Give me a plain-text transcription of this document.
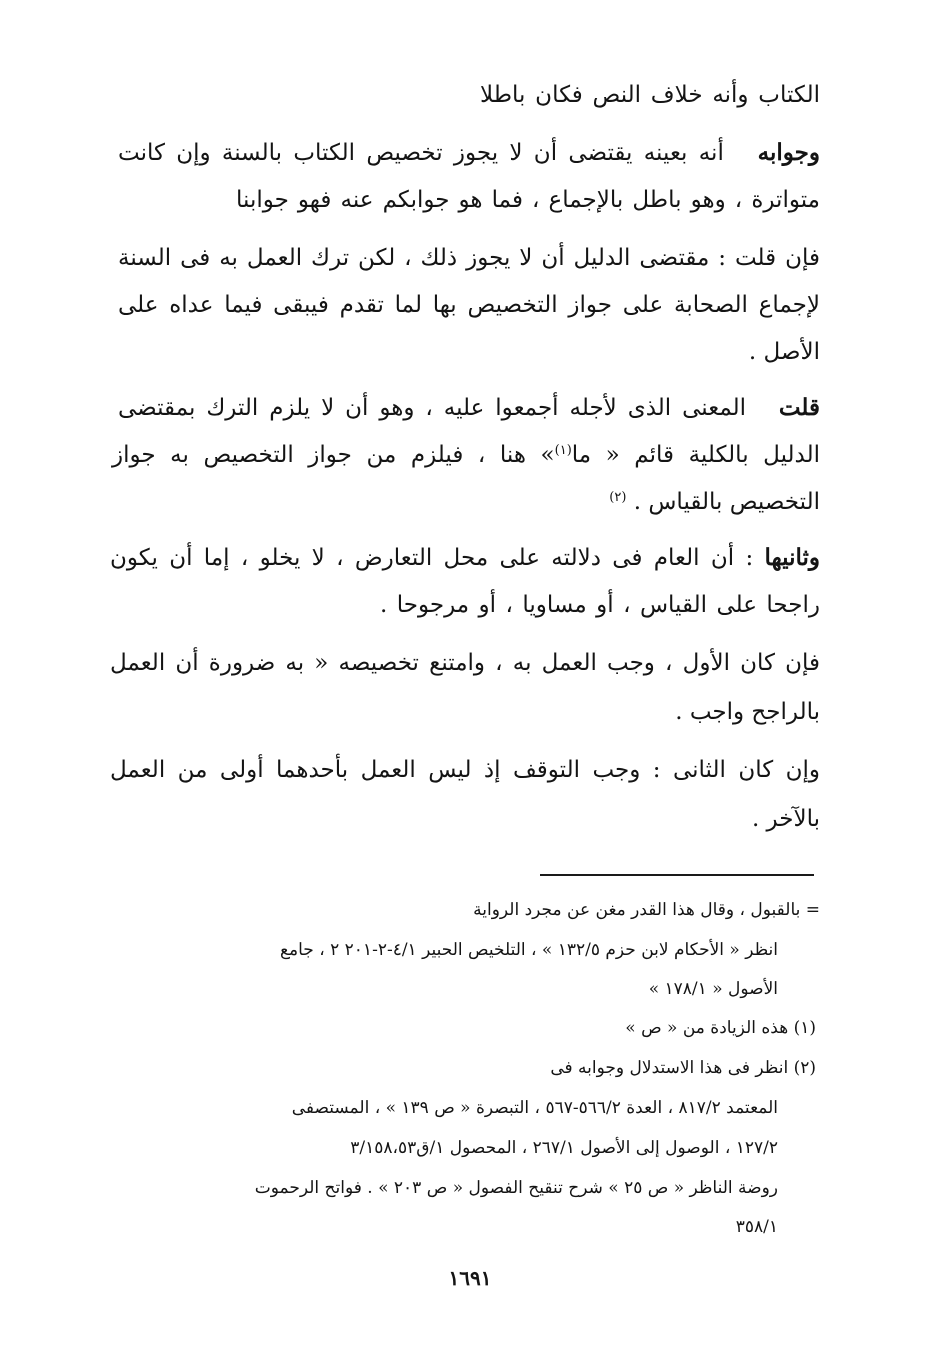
الكتاب وأنه خلاف النص فكان باطلا
وجوابه   أنه بعينه يقتضى أن لا يجوز تخصيص الكتاب بالسنة وإن كانت
متواترة ، وهو باطل بالإجماع ، فما هو جوابكم عنه فهو جوابنا
فإن قلت : مقتضى الدليل أن لا يجوز ذلك ، لكن ترك العمل به فى السنة
لإجماع الصحابة على جواز التخصيص بها لما تقدم فيبقى فيما عداه على
الأصل .
قلت   المعنى الذى لأجله أجمعوا عليه ، وهو أن لا يلزم الترك بمقتضى
الدليل بالكلية قائم « ما$^{(١)}$» هنا ، فيلزم من جواز التخصيص به جواز
التخصيص بالقياس . $^{(٢)}$
وثانيها : أن العام فى دلالته على محل التعارض ، لا يخلو ، إما أن يكون
راجحا على القياس ، أو مساويا ، أو مرجوحا .
فإن كان الأول ، وجب العمل به ، وامتنع تخصيصه « به ضرورة أن العمل
بالراجح واجب .
وإن كان الثانى : وجب التوقف إذ ليس العمل بأحدهما أولى من العمل
بالآخر .
= بالقبول ، وقال هذا القدر مغن عن مجرد الرواية
انظر « الأحكام لابن حزم ١٣٢/٥ » ، التلخيص الحبير ٤/١-٢-٢٠١ ٢ ، جامع
الأصول « ١٧٨/١ »
(١) هذه الزيادة من « ص »
(٢) انظر فى هذا الاستدلال وجوابه فى
المعتمد ٨١٧/٢ ، العدة ٥٦٦/٢-٥٦٧ ، التبصرة « ص ١٣٩ » ، المستصفى
١٢٧/٢ ، الوصول إلى الأصول ٢٦٧/١ ، المحصول ١/ق٣/١٥٨،٥٣
روضة الناظر « ص ٢٥ » شرح تنقيح الفصول « ص ٢٠٣ » . فواتح الرحموت
٣٥٨/١
١٦٩١
